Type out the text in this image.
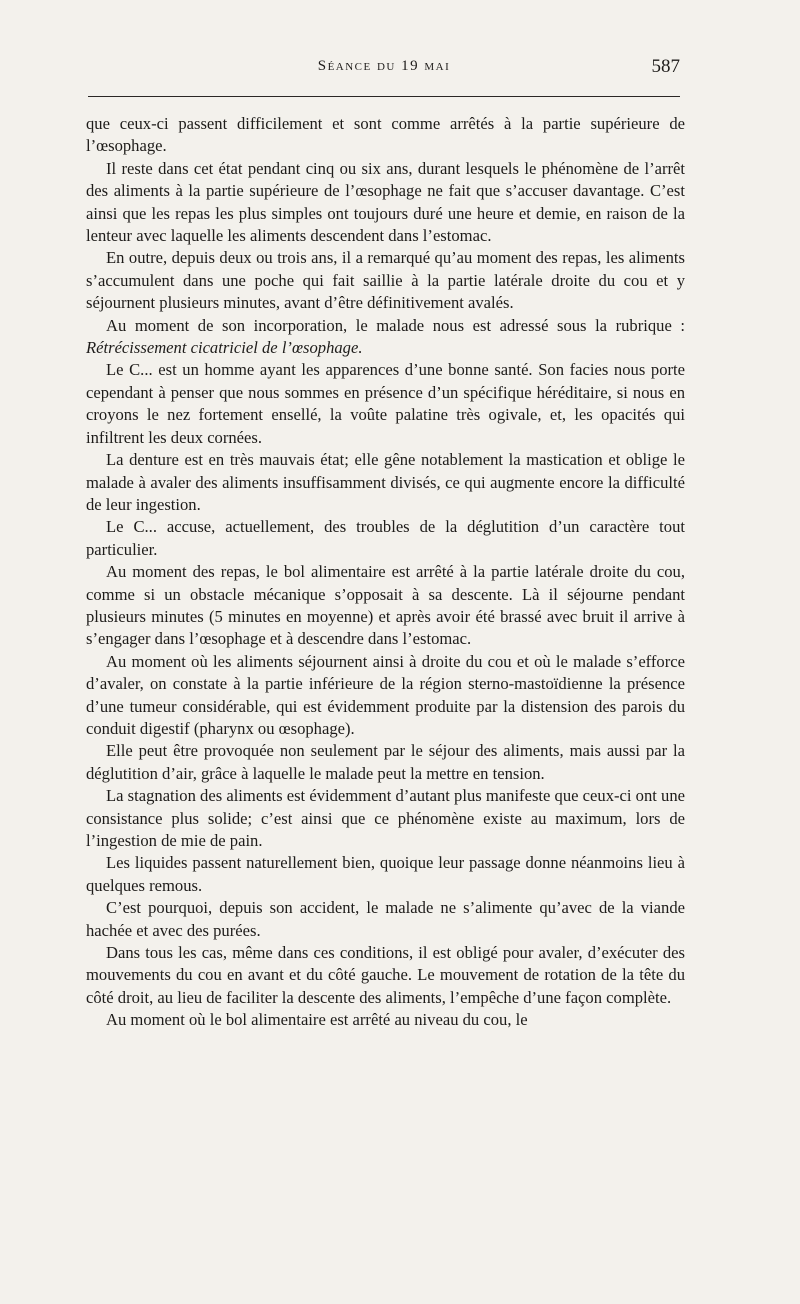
Séance du 19 mai	587

que ceux-ci passent difficilement et sont comme arrêtés à la partie supérieure de l’œsophage.

Il reste dans cet état pendant cinq ou six ans, durant lesquels le phénomène de l’arrêt des aliments à la partie supérieure de l’œsophage ne fait que s’accuser davantage. C’est ainsi que les repas les plus simples ont toujours duré une heure et demie, en raison de la lenteur avec laquelle les aliments descendent dans l’estomac.

En outre, depuis deux ou trois ans, il a remarqué qu’au moment des repas, les aliments s’accumulent dans une poche qui fait saillie à la partie latérale droite du cou et y séjournent plusieurs minutes, avant d’être définitivement avalés.

Au moment de son incorporation, le malade nous est adressé sous la rubrique : Rétrécissement cicatriciel de l’œsophage.

Le C... est un homme ayant les apparences d’une bonne santé. Son facies nous porte cependant à penser que nous sommes en présence d’un spécifique héréditaire, si nous en croyons le nez fortement ensellé, la voûte palatine très ogivale, et, les opacités qui infiltrent les deux cornées.

La denture est en très mauvais état; elle gêne notablement la mastication et oblige le malade à avaler des aliments insuffisamment divisés, ce qui augmente encore la difficulté de leur ingestion.

Le C... accuse, actuellement, des troubles de la déglutition d’un caractère tout particulier.

Au moment des repas, le bol alimentaire est arrêté à la partie latérale droite du cou, comme si un obstacle mécanique s’opposait à sa descente. Là il séjourne pendant plusieurs minutes (5 minutes en moyenne) et après avoir été brassé avec bruit il arrive à s’engager dans l’œsophage et à descendre dans l’estomac.

Au moment où les aliments séjournent ainsi à droite du cou et où le malade s’efforce d’avaler, on constate à la partie inférieure de la région sterno-mastoïdienne la présence d’une tumeur considérable, qui est évidemment produite par la distension des parois du conduit digestif (pharynx ou œsophage).

Elle peut être provoquée non seulement par le séjour des aliments, mais aussi par la déglutition d’air, grâce à laquelle le malade peut la mettre en tension.

La stagnation des aliments est évidemment d’autant plus manifeste que ceux-ci ont une consistance plus solide; c’est ainsi que ce phénomène existe au maximum, lors de l’ingestion de mie de pain.

Les liquides passent naturellement bien, quoique leur passage donne néanmoins lieu à quelques remous.

C’est pourquoi, depuis son accident, le malade ne s’alimente qu’avec de la viande hachée et avec des purées.

Dans tous les cas, même dans ces conditions, il est obligé pour avaler, d’exécuter des mouvements du cou en avant et du côté gauche. Le mouvement de rotation de la tête du côté droit, au lieu de faciliter la descente des aliments, l’empêche d’une façon complète.

Au moment où le bol alimentaire est arrêté au niveau du cou, le
